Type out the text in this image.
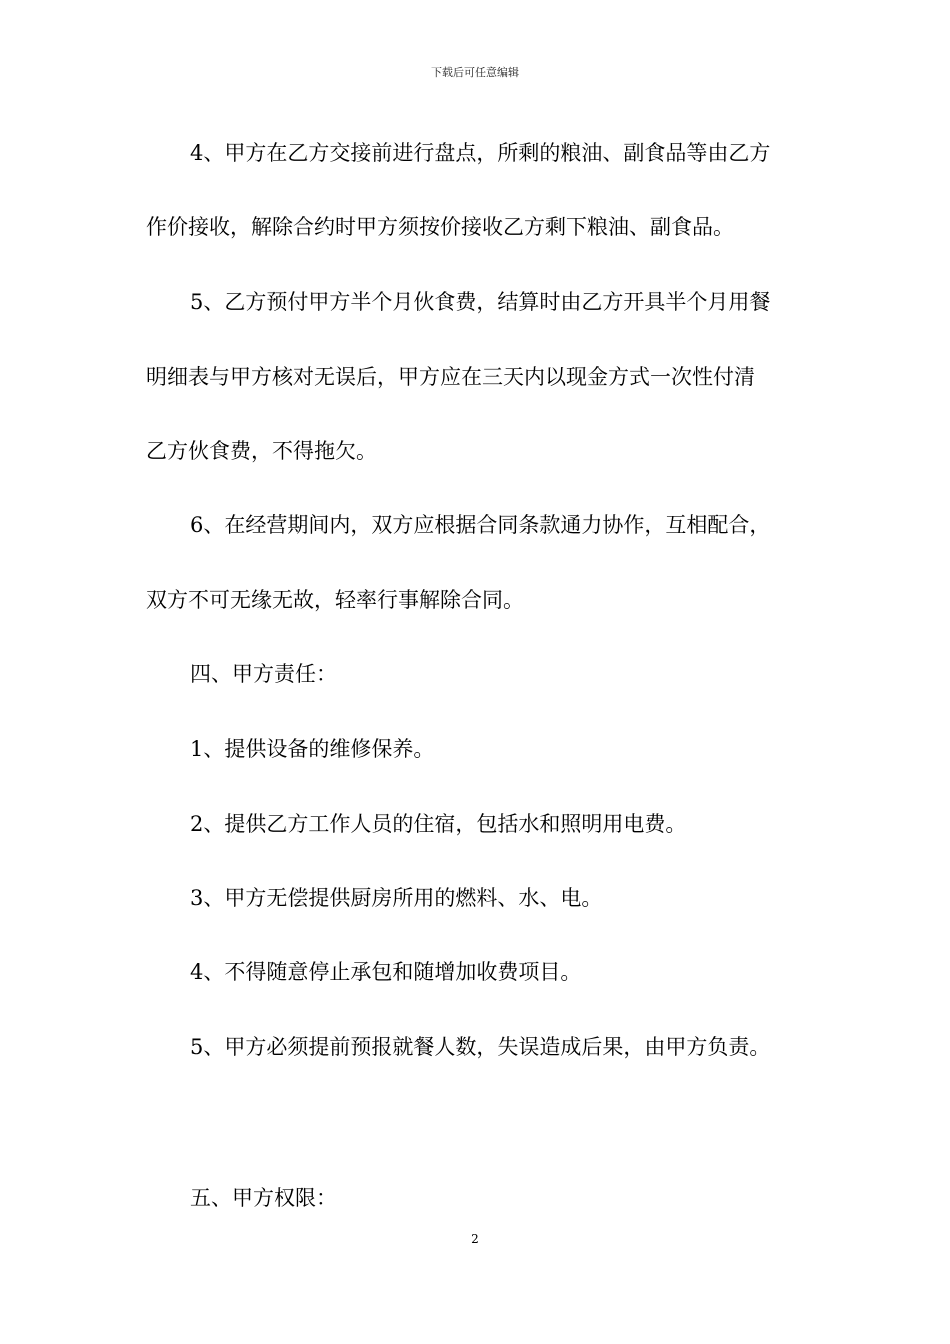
下载后可任意编辑
4、甲方在乙方交接前进行盘点，所剩的粮油、副食品等由乙方
作价接收，解除合约时甲方须按价接收乙方剩下粮油、副食品。
5、乙方预付甲方半个月伙食费，结算时由乙方开具半个月用餐
明细表与甲方核对无误后，甲方应在三天内以现金方式一次性付清
乙方伙食费，不得拖欠。
6、在经营期间内，双方应根据合同条款通力协作，互相配合，
双方不可无缘无故，轻率行事解除合同。
四、甲方责任：
1、提供设备的维修保养。
2、提供乙方工作人员的住宿，包括水和照明用电费。
3、甲方无偿提供厨房所用的燃料、水、电。
4、不得随意停止承包和随增加收费项目。
5、甲方必须提前预报就餐人数，失误造成后果，由甲方负责。
五、甲方权限：
2
